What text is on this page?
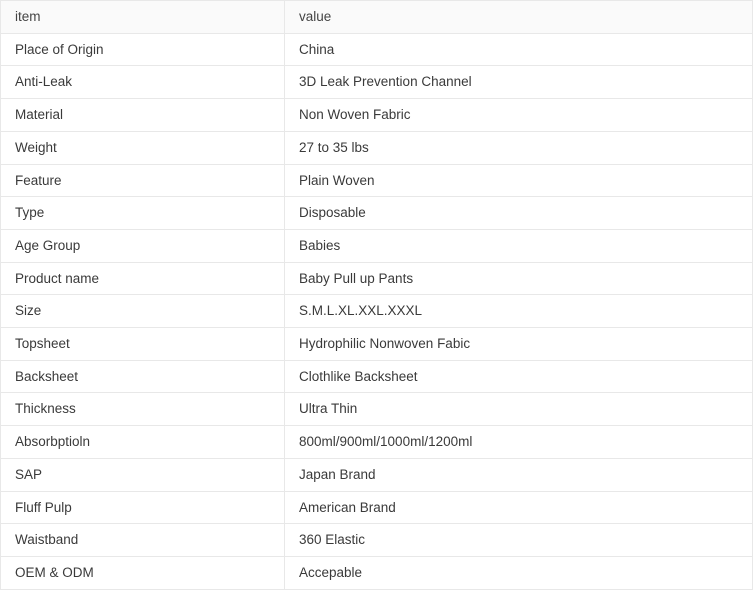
item	value
Place of Origin	China
Anti-Leak	3D Leak Prevention Channel
Material	Non Woven Fabric
Weight	27 to 35 lbs
Feature	Plain Woven
Type	Disposable
Age Group	Babies
Product name	Baby Pull up Pants
Size	S.M.L.XL.XXL.XXXL
Topsheet	Hydrophilic Nonwoven Fabic
Backsheet	Clothlike Backsheet
Thickness	Ultra Thin
Absorbptioln	800ml/900ml/1000ml/1200ml
SAP	Japan Brand
Fluff Pulp	American Brand
Waistband	360 Elastic
OEM & ODM	Accepable
